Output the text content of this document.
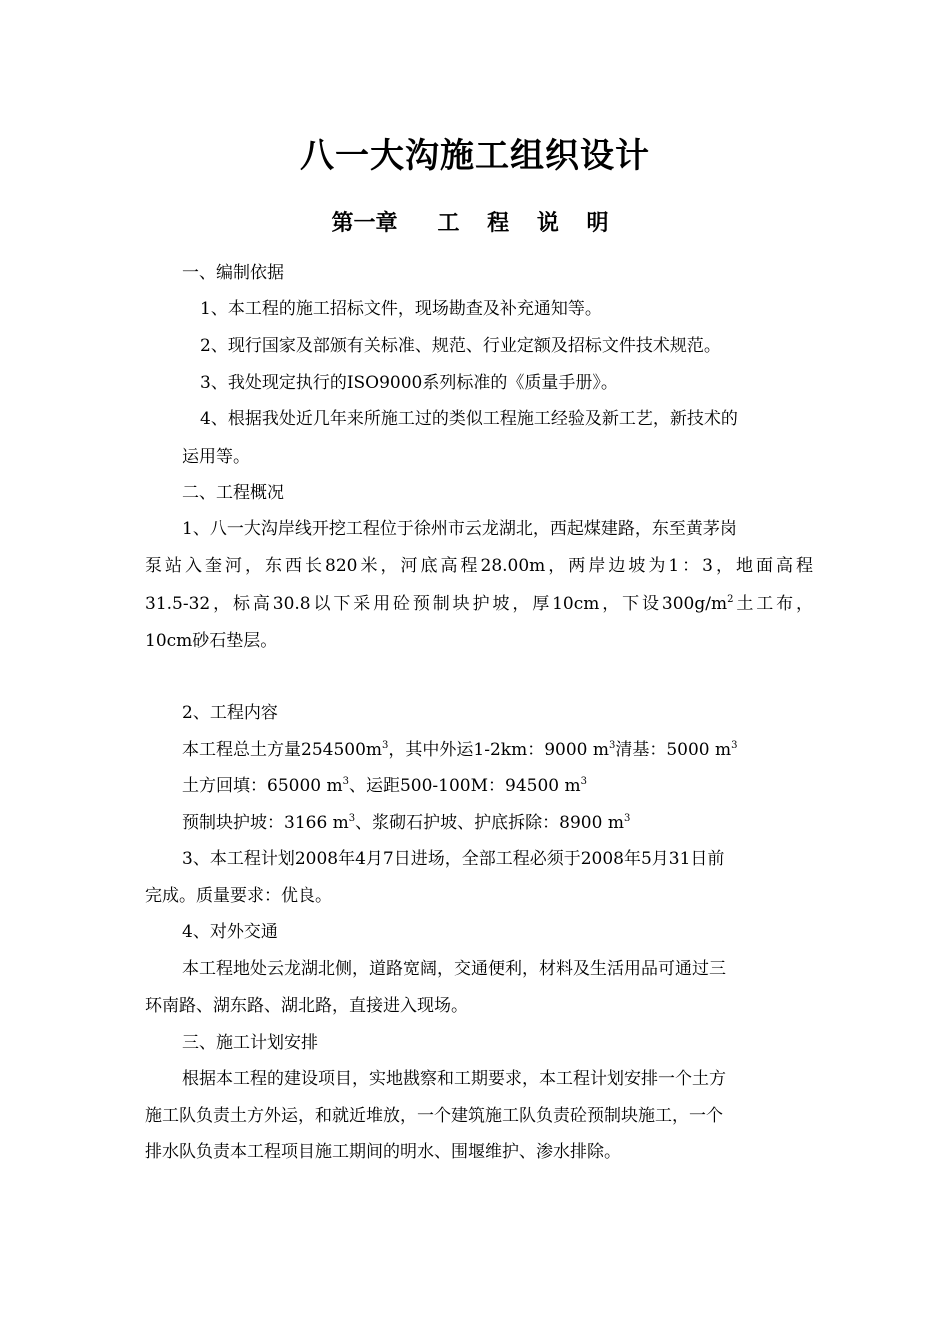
八一大沟施工组织设计
第一章 工 程 说 明

一、编制依据

1、本工程的施工招标文件，现场勘查及补充通知等。

2、现行国家及部颁有关标准、规范、行业定额及招标文件技术规范。

3、我处现定执行的ISO9000系列标准的《质量手册》。

4、根据我处近几年来所施工过的类似工程施工经验及新工艺，新技术的

运用等。

二、工程概况

1、八一大沟岸线开挖工程位于徐州市云龙湖北，西起煤建路，东至黄茅岗

泵站入奎河，东西长820米，河底高程28.00m，两岸边坡为1：3，地面高程

31.5-32，标高30.8以下采用砼预制块护坡，厚10cm，下设$300g/m^2$土工布，

10cm砂石垫层。

2、工程内容

本工程总土方量$254500m^3$，其中外运1-2km：9000 $m^3$清基：5000 $m^3$

土方回填：65000 $m^3$、运距500-100M：94500 $m^3$

预制块护坡：3166 $m^3$、浆砌石护坡、护底拆除：8900 $m^3$

3、本工程计划2008年4月7日进场，全部工程必须于2008年5月31日前

完成。质量要求：优良。

4、对外交通

本工程地处云龙湖北侧，道路宽阔，交通便利，材料及生活用品可通过三

环南路、湖东路、湖北路，直接进入现场。

三、施工计划安排

根据本工程的建设项目，实地戡察和工期要求，本工程计划安排一个土方

施工队负责土方外运，和就近堆放，一个建筑施工队负责砼预制块施工，一个

排水队负责本工程项目施工期间的明水、围堰维护、渗水排除。
